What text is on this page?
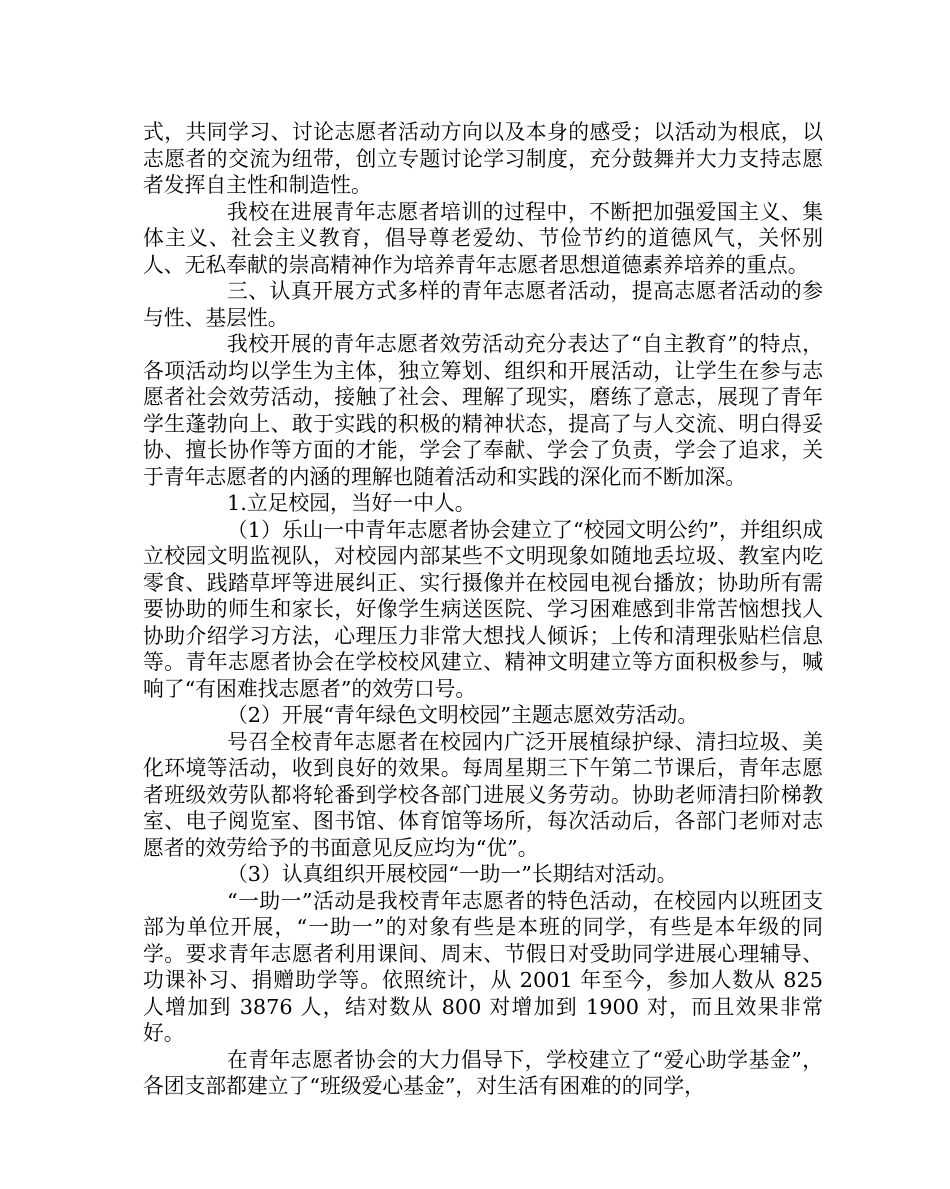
式，共同学习、讨论志愿者活动方向以及本身的感受；以活动为根底，以志愿者的交流为纽带，创立专题讨论学习制度，充分鼓舞并大力支持志愿者发挥自主性和制造性。

我校在进展青年志愿者培训的过程中，不断把加强爱国主义、集体主义、社会主义教育，倡导尊老爱幼、节俭节约的道德风气，关怀别人、无私奉献的崇高精神作为培养青年志愿者思想道德素养培养的重点。

三、认真开展方式多样的青年志愿者活动，提高志愿者活动的参与性、基层性。

我校开展的青年志愿者效劳活动充分表达了“自主教育”的特点，各项活动均以学生为主体，独立筹划、组织和开展活动，让学生在参与志愿者社会效劳活动，接触了社会、理解了现实，磨练了意志，展现了青年学生蓬勃向上、敢于实践的积极的精神状态，提高了与人交流、明白得妥协、擅长协作等方面的才能，学会了奉献、学会了负责，学会了追求，关于青年志愿者的内涵的理解也随着活动和实践的深化而不断加深。

1.立足校园，当好一中人。

（1）乐山一中青年志愿者协会建立了“校园文明公约”，并组织成立校园文明监视队，对校园内部某些不文明现象如随地丢垃圾、教室内吃零食、践踏草坪等进展纠正、实行摄像并在校园电视台播放；协助所有需要协助的师生和家长，好像学生病送医院、学习困难感到非常苦恼想找人协助介绍学习方法，心理压力非常大想找人倾诉；上传和清理张贴栏信息等。青年志愿者协会在学校校风建立、精神文明建立等方面积极参与，喊响了“有困难找志愿者”的效劳口号。

（2）开展“青年绿色文明校园”主题志愿效劳活动。

号召全校青年志愿者在校园内广泛开展植绿护绿、清扫垃圾、美化环境等活动，收到良好的效果。每周星期三下午第二节课后，青年志愿者班级效劳队都将轮番到学校各部门进展义务劳动。协助老师清扫阶梯教室、电子阅览室、图书馆、体育馆等场所，每次活动后，各部门老师对志愿者的效劳给予的书面意见反应均为“优”。

（3）认真组织开展校园“一助一”长期结对活动。

“一助一”活动是我校青年志愿者的特色活动，在校园内以班团支部为单位开展，“一助一”的对象有些是本班的同学，有些是本年级的同学。要求青年志愿者利用课间、周末、节假日对受助同学进展心理辅导、功课补习、捐赠助学等。依照统计，从 2001 年至今，参加人数从 825 人增加到 3876 人，结对数从 800 对增加到 1900 对，而且效果非常好。

在青年志愿者协会的大力倡导下，学校建立了“爱心助学基金”，各团支部都建立了“班级爱心基金”，对生活有困难的的同学，
